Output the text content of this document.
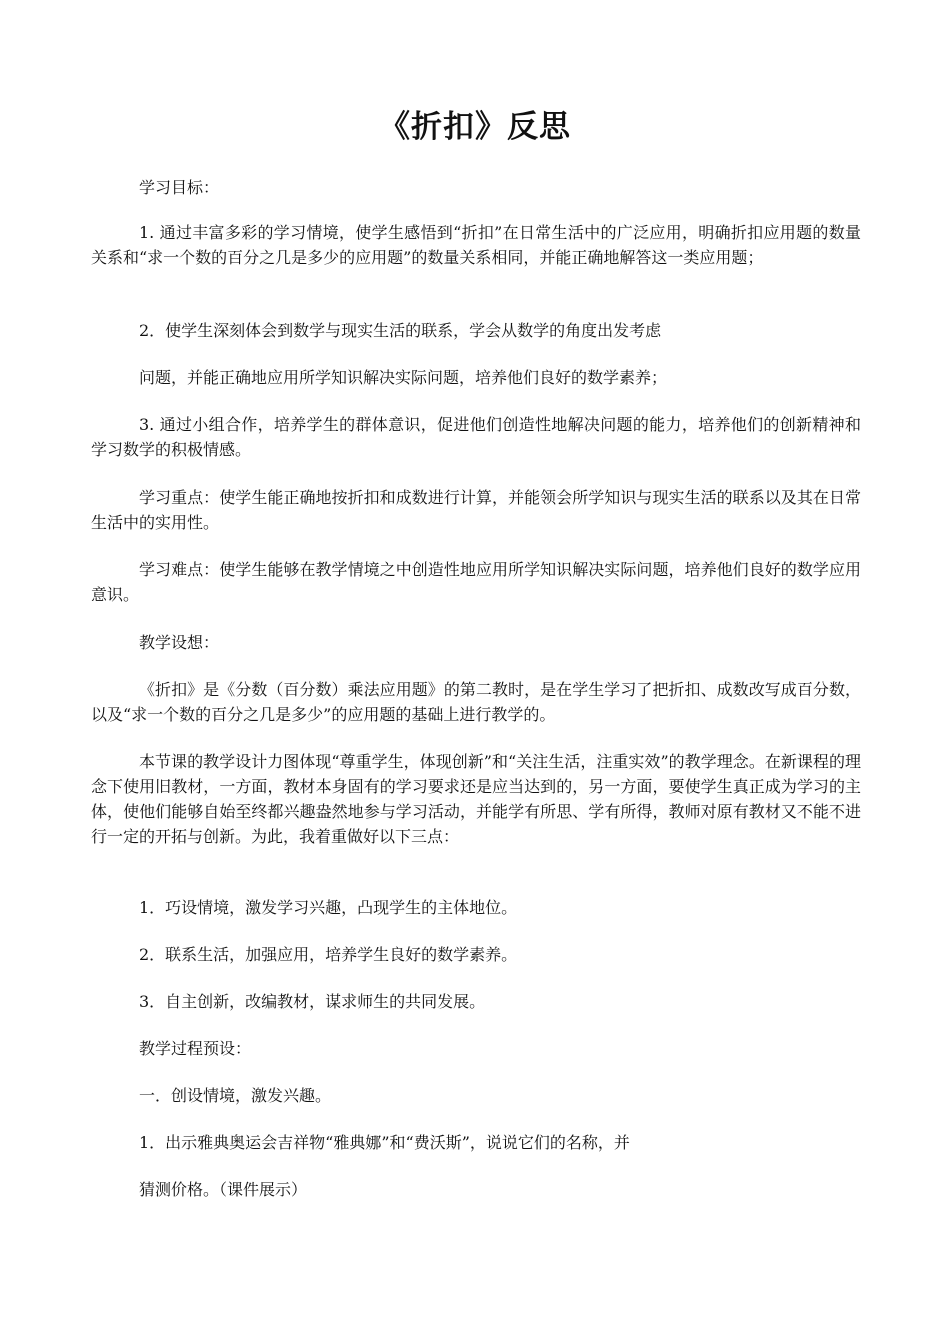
《折扣》反思

学习目标：

1. 通过丰富多彩的学习情境，使学生感悟到“折扣”在日常生活中的广泛应用，明确折扣应用题的数量关系和“求一个数的百分之几是多少的应用题”的数量关系相同，并能正确地解答这一类应用题；

2．使学生深刻体会到数学与现实生活的联系，学会从数学的角度出发考虑

问题，并能正确地应用所学知识解决实际问题，培养他们良好的数学素养；

3. 通过小组合作，培养学生的群体意识，促进他们创造性地解决问题的能力，培养他们的创新精神和学习数学的积极情感。

学习重点：使学生能正确地按折扣和成数进行计算，并能领会所学知识与现实生活的联系以及其在日常生活中的实用性。

学习难点：使学生能够在教学情境之中创造性地应用所学知识解决实际问题，培养他们良好的数学应用意识。

教学设想：

《折扣》是《分数（百分数）乘法应用题》的第二教时，是在学生学习了把折扣、成数改写成百分数，以及“求一个数的百分之几是多少”的应用题的基础上进行教学的。

本节课的教学设计力图体现“尊重学生，体现创新”和“关注生活，注重实效”的教学理念。在新课程的理念下使用旧教材，一方面，教材本身固有的学习要求还是应当达到的，另一方面，要使学生真正成为学习的主体，使他们能够自始至终都兴趣盎然地参与学习活动，并能学有所思、学有所得，教师对原有教材又不能不进行一定的开拓与创新。为此，我着重做好以下三点：

1．巧设情境，激发学习兴趣，凸现学生的主体地位。

2．联系生活，加强应用，培养学生良好的数学素养。

3．自主创新，改编教材，谋求师生的共同发展。

教学过程预设：

一．创设情境，激发兴趣。

1．出示雅典奥运会吉祥物“雅典娜”和“费沃斯”，说说它们的名称，并

猜测价格。（课件展示）
